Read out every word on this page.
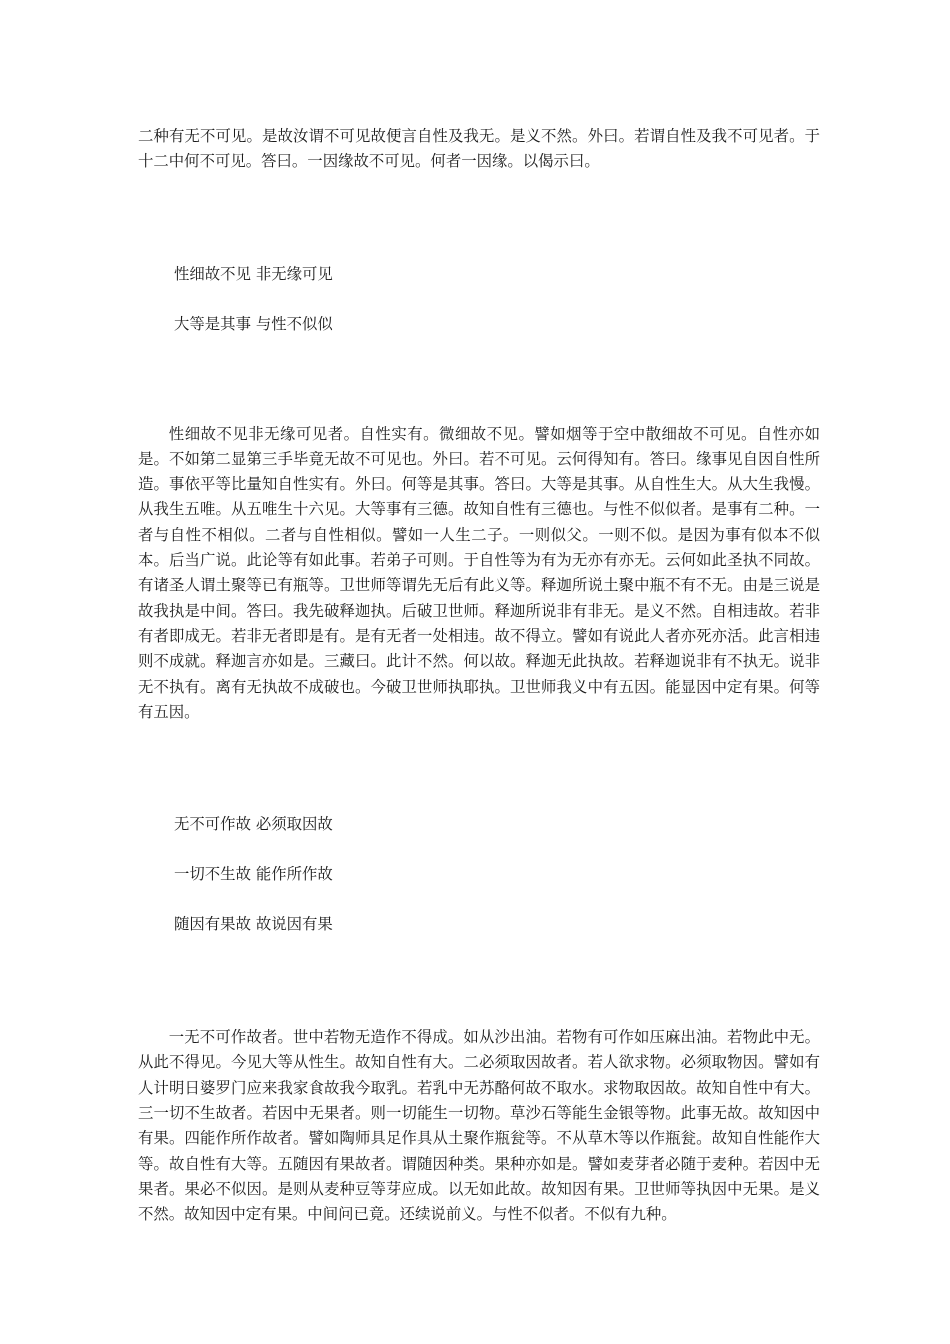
二种有无不可见。是故汝谓不可见故便言自性及我无。是义不然。外曰。若谓自性及我不可见者。于十二中何不可见。答曰。一因缘故不可见。何者一因缘。以偈示曰。

性细故不见 非无缘可见

大等是其事 与性不似似

性细故不见非无缘可见者。自性实有。微细故不见。譬如烟等于空中散细故不可见。自性亦如是。不如第二显第三手毕竟无故不可见也。外曰。若不可见。云何得知有。答曰。缘事见自因自性所造。事依平等比量知自性实有。外曰。何等是其事。答曰。大等是其事。从自性生大。从大生我慢。从我生五唯。从五唯生十六见。大等事有三德。故知自性有三德也。与性不似似者。是事有二种。一者与自性不相似。二者与自性相似。譬如一人生二子。一则似父。一则不似。是因为事有似本不似本。后当广说。此论等有如此事。若弟子可则。于自性等为有为无亦有亦无。云何如此圣执不同故。有诸圣人谓土聚等已有瓶等。卫世师等谓先无后有此义等。释迦所说土聚中瓶不有不无。由是三说是故我执是中间。答曰。我先破释迦执。后破卫世师。释迦所说非有非无。是义不然。自相违故。若非有者即成无。若非无者即是有。是有无者一处相违。故不得立。譬如有说此人者亦死亦活。此言相违则不成就。释迦言亦如是。三藏曰。此计不然。何以故。释迦无此执故。若释迦说非有不执无。说非无不执有。离有无执故不成破也。今破卫世师执耶执。卫世师我义中有五因。能显因中定有果。何等有五因。

无不可作故 必须取因故

一切不生故 能作所作故

随因有果故 故说因有果

一无不可作故者。世中若物无造作不得成。如从沙出油。若物有可作如压麻出油。若物此中无。从此不得见。今见大等从性生。故知自性有大。二必须取因故者。若人欲求物。必须取物因。譬如有人计明日婆罗门应来我家食故我今取乳。若乳中无苏酪何故不取水。求物取因故。故知自性中有大。三一切不生故者。若因中无果者。则一切能生一切物。草沙石等能生金银等物。此事无故。故知因中有果。四能作所作故者。譬如陶师具足作具从土聚作瓶瓮等。不从草木等以作瓶瓮。故知自性能作大等。故自性有大等。五随因有果故者。谓随因种类。果种亦如是。譬如麦芽者必随于麦种。若因中无果者。果必不似因。是则从麦种豆等芽应成。以无如此故。故知因有果。卫世师等执因中无果。是义不然。故知因中定有果。中间问已竟。还续说前义。与性不似者。不似有九种。
